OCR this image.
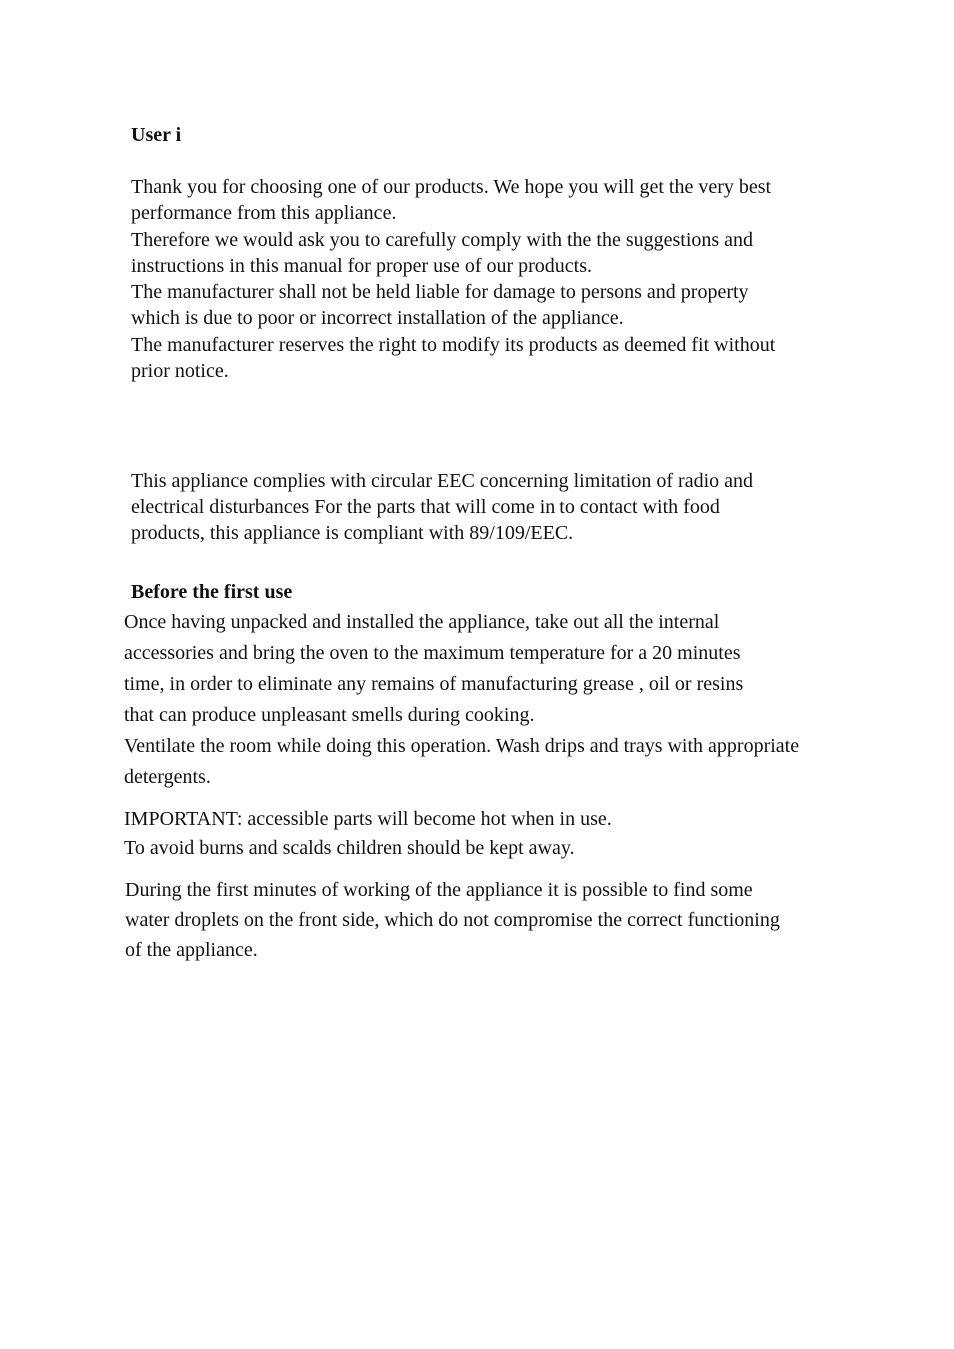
User i
Thank you for choosing one of our products. We hope you will get the very best
performance from this appliance.
Therefore we would ask you to carefully comply with the the suggestions and
instructions in this manual for proper use of our products.
The manufacturer shall not be held liable for damage to persons and property
which is due to poor or incorrect installation of the appliance.
The manufacturer reserves the right to modify its products as deemed fit without
prior notice.
This appliance complies with circular EEC concerning limitation of radio and
electrical disturbances For the parts that will come in to contact with food
products, this appliance is compliant with 89/109/EEC.
Before the first use
Once having unpacked and installed the appliance, take out all the internal
accessories and bring the oven to the maximum temperature for a 20 minutes
time, in order to eliminate any remains of manufacturing grease , oil or resins
that can produce unpleasant smells during cooking.
Ventilate the room while doing this operation. Wash drips and trays with appropriate
detergents.
IMPORTANT: accessible parts will become hot when in use.
To avoid burns and scalds children should be kept away.
During the first minutes of working of the appliance it is possible to find some
water droplets on the front side, which do not compromise the correct functioning
of the appliance.
